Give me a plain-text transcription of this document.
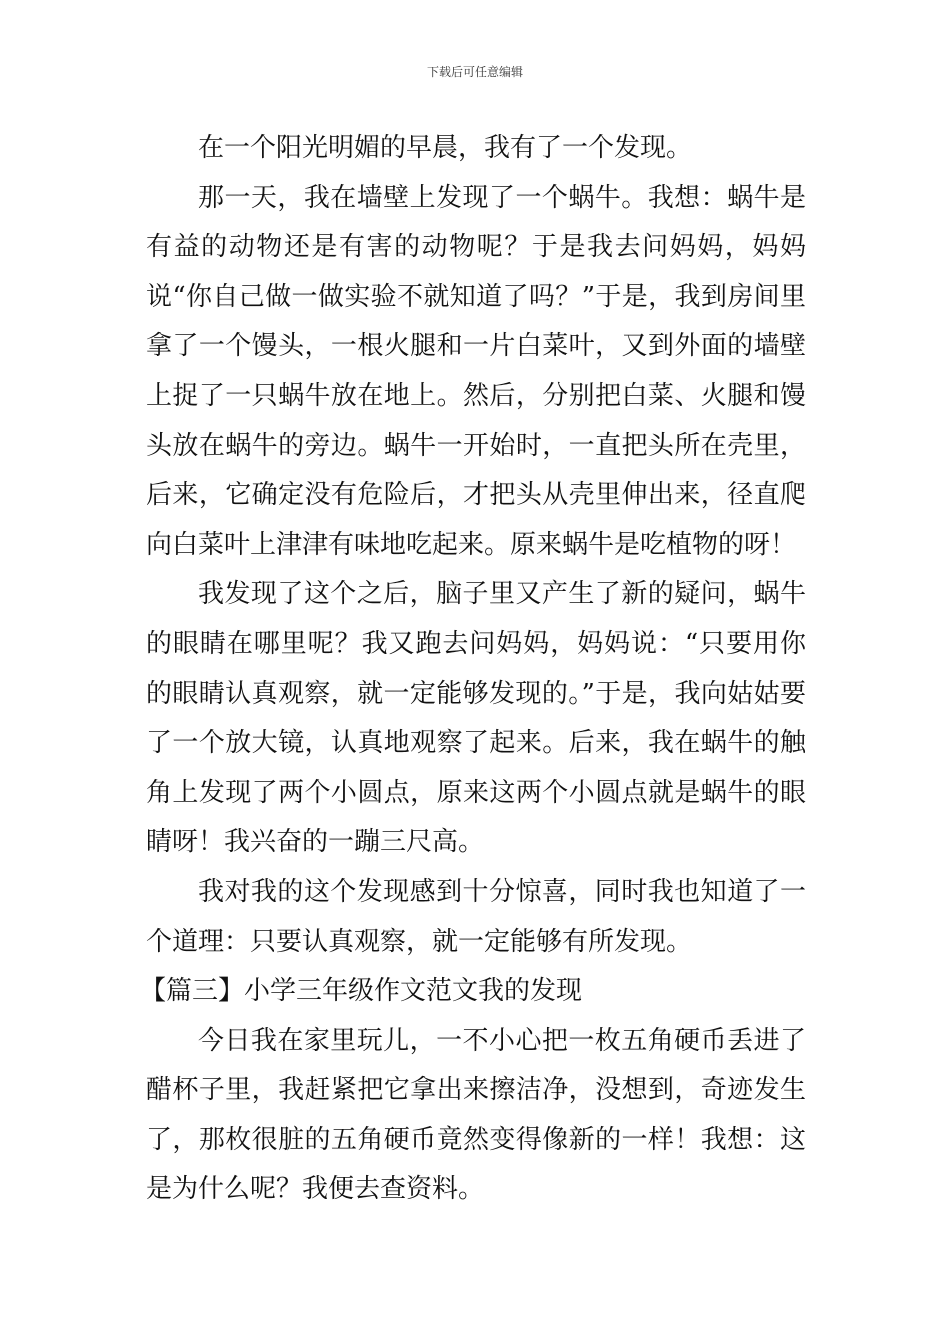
下载后可任意编辑

在一个阳光明媚的早晨，我有了一个发现。

那一天，我在墙壁上发现了一个蜗牛。我想：蜗牛是有益的动物还是有害的动物呢？于是我去问妈妈，妈妈说“你自己做一做实验不就知道了吗？”于是，我到房间里拿了一个馒头，一根火腿和一片白菜叶，又到外面的墙壁上捉了一只蜗牛放在地上。然后，分别把白菜、火腿和馒头放在蜗牛的旁边。蜗牛一开始时，一直把头所在壳里，后来，它确定没有危险后，才把头从壳里伸出来，径直爬向白菜叶上津津有味地吃起来。原来蜗牛是吃植物的呀！

我发现了这个之后，脑子里又产生了新的疑问，蜗牛的眼睛在哪里呢？我又跑去问妈妈，妈妈说：“只要用你的眼睛认真观察，就一定能够发现的。”于是，我向姑姑要了一个放大镜，认真地观察了起来。后来，我在蜗牛的触角上发现了两个小圆点，原来这两个小圆点就是蜗牛的眼睛呀！我兴奋的一蹦三尺高。

我对我的这个发现感到十分惊喜，同时我也知道了一个道理：只要认真观察，就一定能够有所发现。

【篇三】小学三年级作文范文我的发现

今日我在家里玩儿，一不小心把一枚五角硬币丢进了醋杯子里，我赶紧把它拿出来擦洁净，没想到，奇迹发生了，那枚很脏的五角硬币竟然变得像新的一样！我想：这是为什么呢？我便去查资料。
